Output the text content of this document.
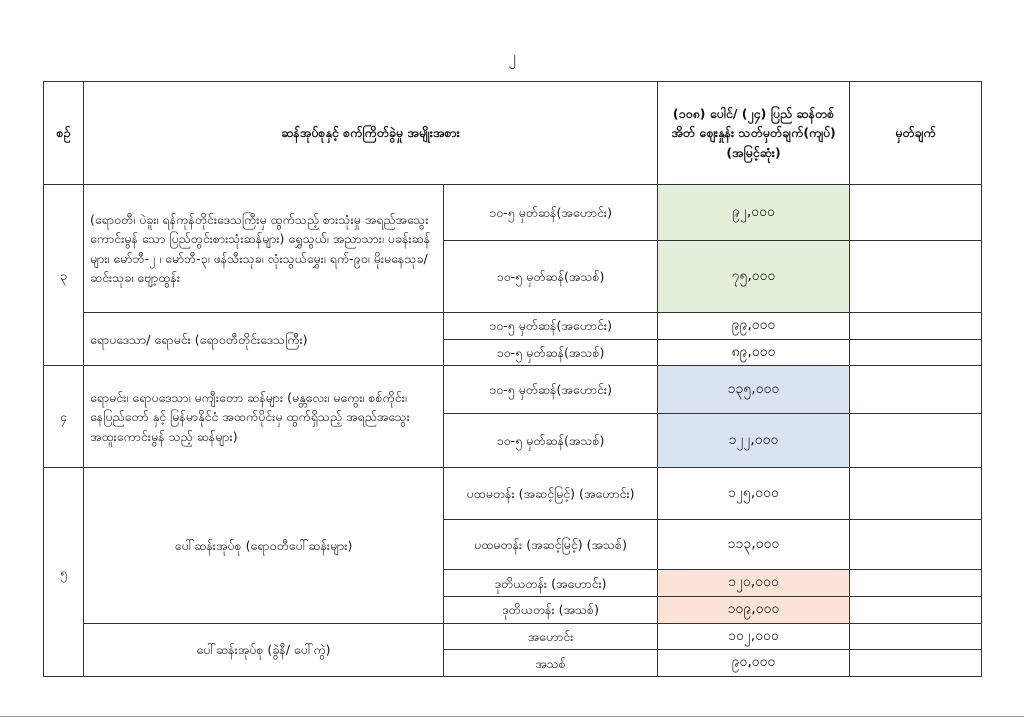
၂
စဉ်	ဆန်အုပ်စုနှင့် စက်ကြိတ်ခွဲမှု အမျိုးအစား		(၁၀၈) ပေါင်/ (၂၄) ပြည် ဆန်တစ်အိတ် ဈေးနှုန်း သတ်မှတ်ချက်(ကျပ်) (အမြင့်ဆုံး)	မှတ်ချက်
၃	(ရောဝတီ၊ ပဲခူး၊ ရန်ကုန်တိုင်းဒေသကြီးမှ ထွက်သည့် စားသုံးမှု အရည်အသွေး ကောင်းမွန် သော ပြည်တွင်းစားသုံးဆန်များ) ရွှေသွယ်၊ အညာသား၊ ပခန်းဆန်များ၊ မော်ဘီ-၂ ၊ မော်ဘီ-၃၊ ဖန်သီးသုခ၊ လုံးသွယ်မွှေး၊ ရက်-၉၀၊ မိုးမနေသုခ/ ဆင်းသုခ၊ ဗျော့ထွန်း	၁၀-၅ မှတ်ဆန်(အဟောင်း)	၉၂,၀၀၀	
		၁၀-၅ မှတ်ဆန်(အသစ်)	၇၅,၀၀၀	
	ရောပဒေသာ/ ရောမင်း (ရောဝတီတိုင်းဒေသကြီး)	၁၀-၅ မှတ်ဆန်(အဟောင်း)	၉၉,၀၀၀	
		၁၀-၅ မှတ်ဆန်(အသစ်)	၈၉,၀၀၀	
၄	ရောမင်း၊ ရောပဒေသာ၊ မကျီးတော ဆန်များ (မန္တလေး၊ မကွေး၊ စစ်ကိုင်း၊ နေပြည်တော် နှင့် မြန်မာနိုင်ငံ အထက်ပိုင်းမှ ထွက်ရှိသည့် အရည်အသွေး အထူးကောင်းမွန် သည့် ဆန်များ)	၁၀-၅ မှတ်ဆန်(အဟောင်း)	၁၃၅,၀၀၀	
		၁၀-၅ မှတ်ဆန်(အသစ်)	၁၂၂,၀၀၀	
၅	ပေါ်ဆန်းအုပ်စု (ရောဝတီပေါ်ဆန်းများ)	ပထမတန်း (အဆင့်မြင့်) (အဟောင်း)	၁၂၅,၀၀၀	
		ပထမတန်း (အဆင့်မြင့်) (အသစ်)	၁၁၃,၀၀၀	
		ဒုတိယတန်း (အဟောင်း)	၁၂၀,၀၀၀	
		ဒုတိယတန်း (အသစ်)	၁၀၉,၀၀၀	
	ပေါ်ဆန်းအုပ်စု (ခွဲနီ/ ပေါ်ကွဲ)	အဟောင်း	၁၀၂,၀၀၀	
		အသစ်	၉၀,၀၀၀	
